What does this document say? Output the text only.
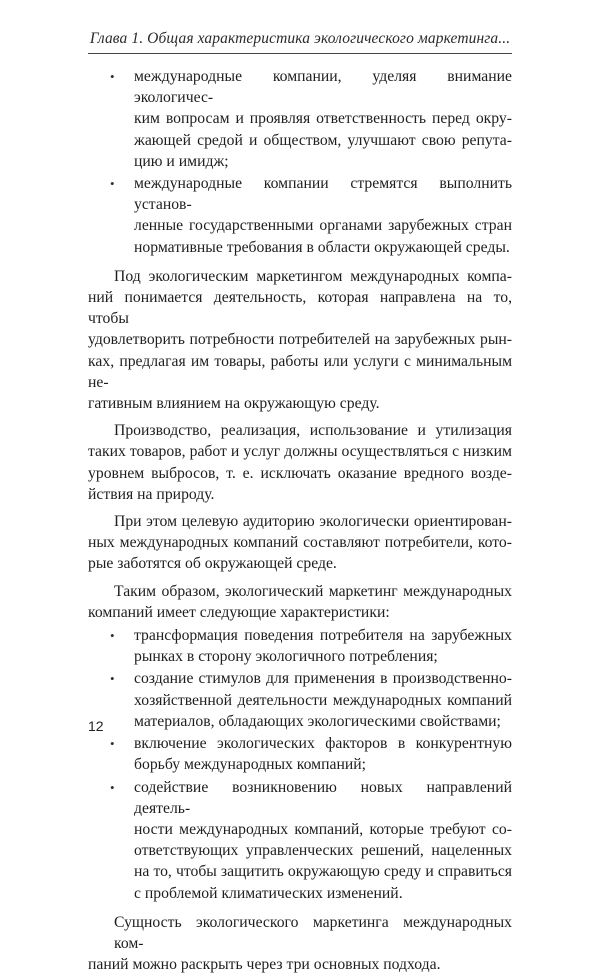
Глава 1. Общая характеристика экологического маркетинга...
• международные компании, уделяя внимание экологичес-
ким вопросам и проявляя ответственность перед окру-
жающей средой и обществом, улучшают свою репута-
цию и имидж;
• международные компании стремятся выполнить установ-
ленные государственными органами зарубежных стран
нормативные требования в области окружающей среды.

Под экологическим маркетингом международных компа-
ний понимается деятельность, которая направлена на то, чтобы
удовлетворить потребности потребителей на зарубежных рын-
ках, предлагая им товары, работы или услуги с минимальным не-
гативным влиянием на окружающую среду.

Производство, реализация, использование и утилизация
таких товаров, работ и услуг должны осуществляться с низким
уровнем выбросов, т. е. исключать оказание вредного возде-
йствия на природу.

При этом целевую аудиторию экологически ориентирован-
ных международных компаний составляют потребители, кото-
рые заботятся об окружающей среде.

Таким образом, экологический маркетинг международных
компаний имеет следующие характеристики:

• трансформация поведения потребителя на зарубежных
рынках в сторону экологичного потребления;
• создание стимулов для применения в производственно-
хозяйственной деятельности международных компаний
материалов, обладающих экологическими свойствами;
• включение экологических факторов в конкурентную
борьбу международных компаний;
• содействие возникновению новых направлений деятель-
ности международных компаний, которые требуют со-
ответствующих управленческих решений, нацеленных
на то, чтобы защитить окружающую среду и справиться
с проблемой климатических изменений.

Сущность экологического маркетинга международных ком-
паний можно раскрыть через три основных подхода.

12
